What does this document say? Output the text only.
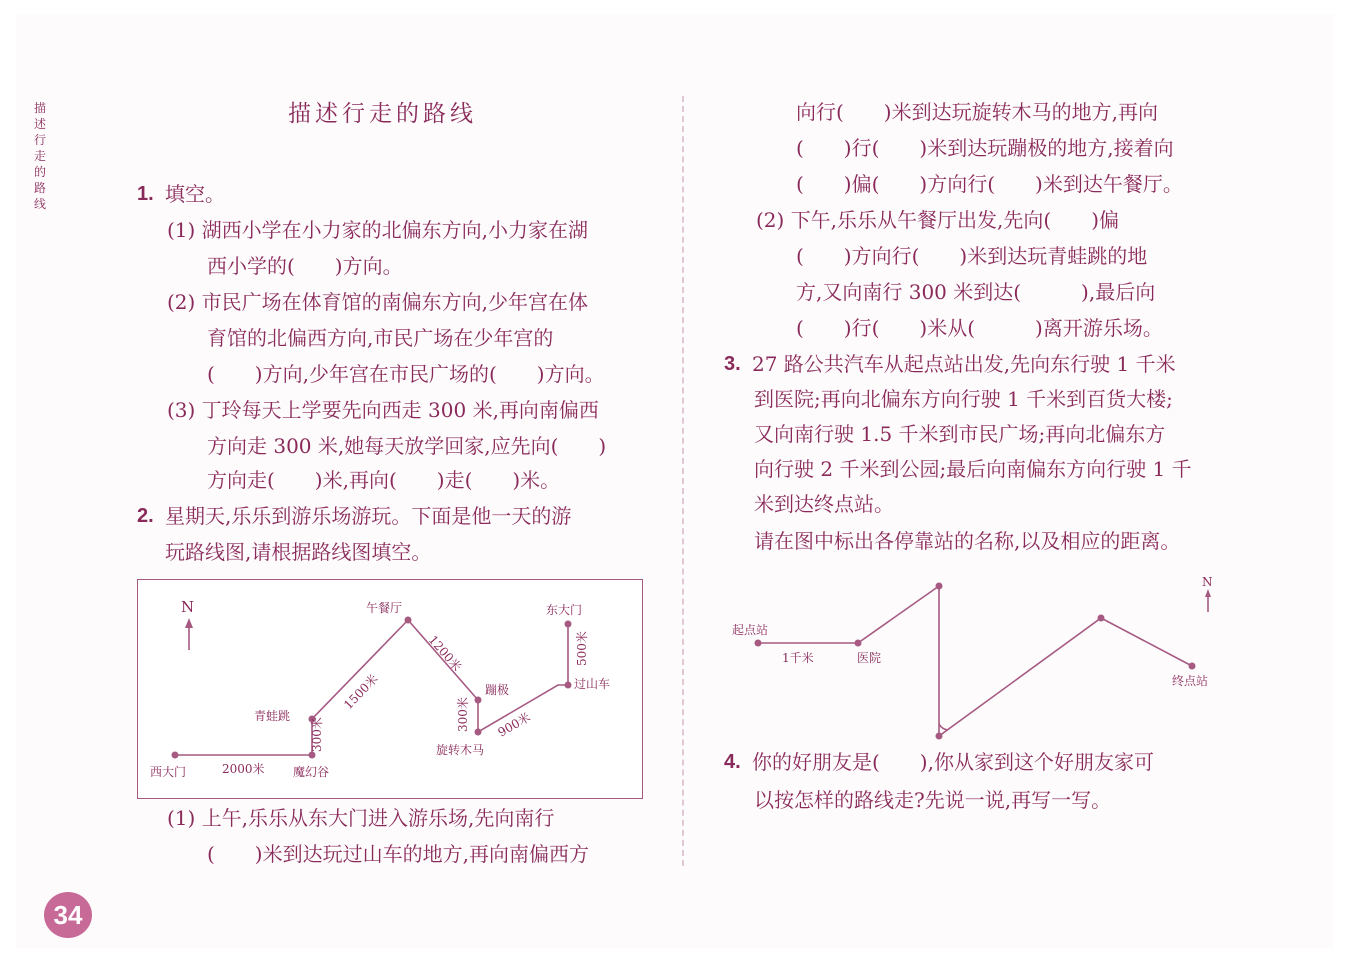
描述行走的路线
描述行走的路线
1. 填空。
(1) 湖西小学在小力家的北偏东方向,小力家在湖
西小学的(　　)方向。
(2) 市民广场在体育馆的南偏东方向,少年宫在体
育馆的北偏西方向,市民广场在少年宫的
(　　)方向,少年宫在市民广场的(　　)方向。
(3) 丁玲每天上学要先向西走 300 米,再向南偏西
方向走 300 米,她每天放学回家,应先向(　　)
方向走(　　)米,再向(　　)走(　　)米。
2. 星期天,乐乐到游乐场游玩。下面是他一天的游
玩路线图,请根据路线图填空。
N
西大门	2000米 魔幻谷
青蛙跳
午餐厅
蹦极
旋转木马
过山车
东大门
300米
1500米
1200米
300米 900米
500米
(1) 上午,乐乐从东大门进入游乐场,先向南行
(　　)米到达玩过山车的地方,再向南偏西方
34
向行(　　)米到达玩旋转木马的地方,再向
(　　)行(　　)米到达玩蹦极的地方,接着向
(　　)偏(　　)方向行(　　)米到达午餐厅。
(2) 下午,乐乐从午餐厅出发,先向(　　)偏
(　　)方向行(　　)米到达玩青蛙跳的地
方,又向南行 300 米到达(　　　),最后向
(　　)行(　　)米从(　　　)离开游乐场。
3. 27 路公共汽车从起点站出发,先向东行驶 1 千米
到医院;再向北偏东方向行驶 1 千米到百货大楼;
又向南行驶 1.5 千米到市民广场;再向北偏东方
向行驶 2 千米到公园;最后向南偏东方向行驶 1 千
米到达终点站。
请在图中标出各停靠站的名称,以及相应的距离。
N
起点站
1千米	医院
终点站
4. 你的好朋友是(　　),你从家到这个好朋友家可
以按怎样的路线走?先说一说,再写一写。
